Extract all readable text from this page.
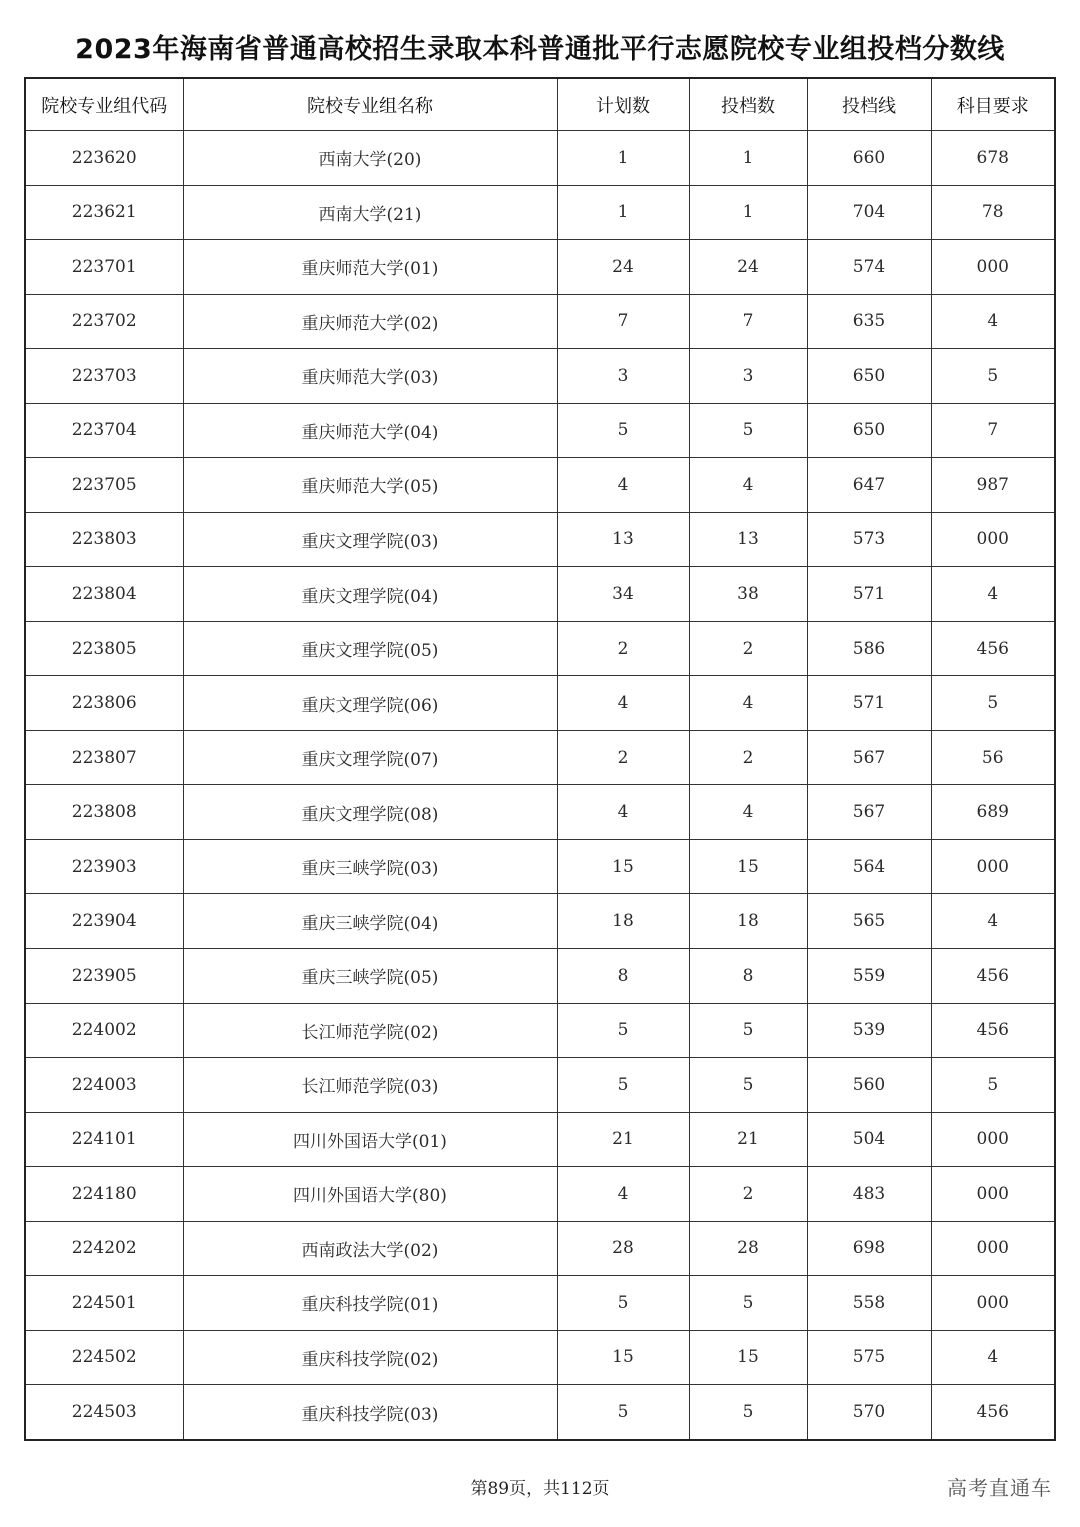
2023年海南省普通高校招生录取本科普通批平行志愿院校专业组投档分数线
院校专业组代码	院校专业组名称	计划数	投档数	投档线	科目要求
223620	西南大学(20)	1	1	660	678
223621	西南大学(21)	1	1	704	78
223701	重庆师范大学(01)	24	24	574	000
223702	重庆师范大学(02)	7	7	635	4
223703	重庆师范大学(03)	3	3	650	5
223704	重庆师范大学(04)	5	5	650	7
223705	重庆师范大学(05)	4	4	647	987
223803	重庆文理学院(03)	13	13	573	000
223804	重庆文理学院(04)	34	38	571	4
223805	重庆文理学院(05)	2	2	586	456
223806	重庆文理学院(06)	4	4	571	5
223807	重庆文理学院(07)	2	2	567	56
223808	重庆文理学院(08)	4	4	567	689
223903	重庆三峡学院(03)	15	15	564	000
223904	重庆三峡学院(04)	18	18	565	4
223905	重庆三峡学院(05)	8	8	559	456
224002	长江师范学院(02)	5	5	539	456
224003	长江师范学院(03)	5	5	560	5
224101	四川外国语大学(01)	21	21	504	000
224180	四川外国语大学(80)	4	2	483	000
224202	西南政法大学(02)	28	28	698	000
224501	重庆科技学院(01)	5	5	558	000
224502	重庆科技学院(02)	15	15	575	4
224503	重庆科技学院(03)	5	5	570	456
第89页，共112页	高考直通车
